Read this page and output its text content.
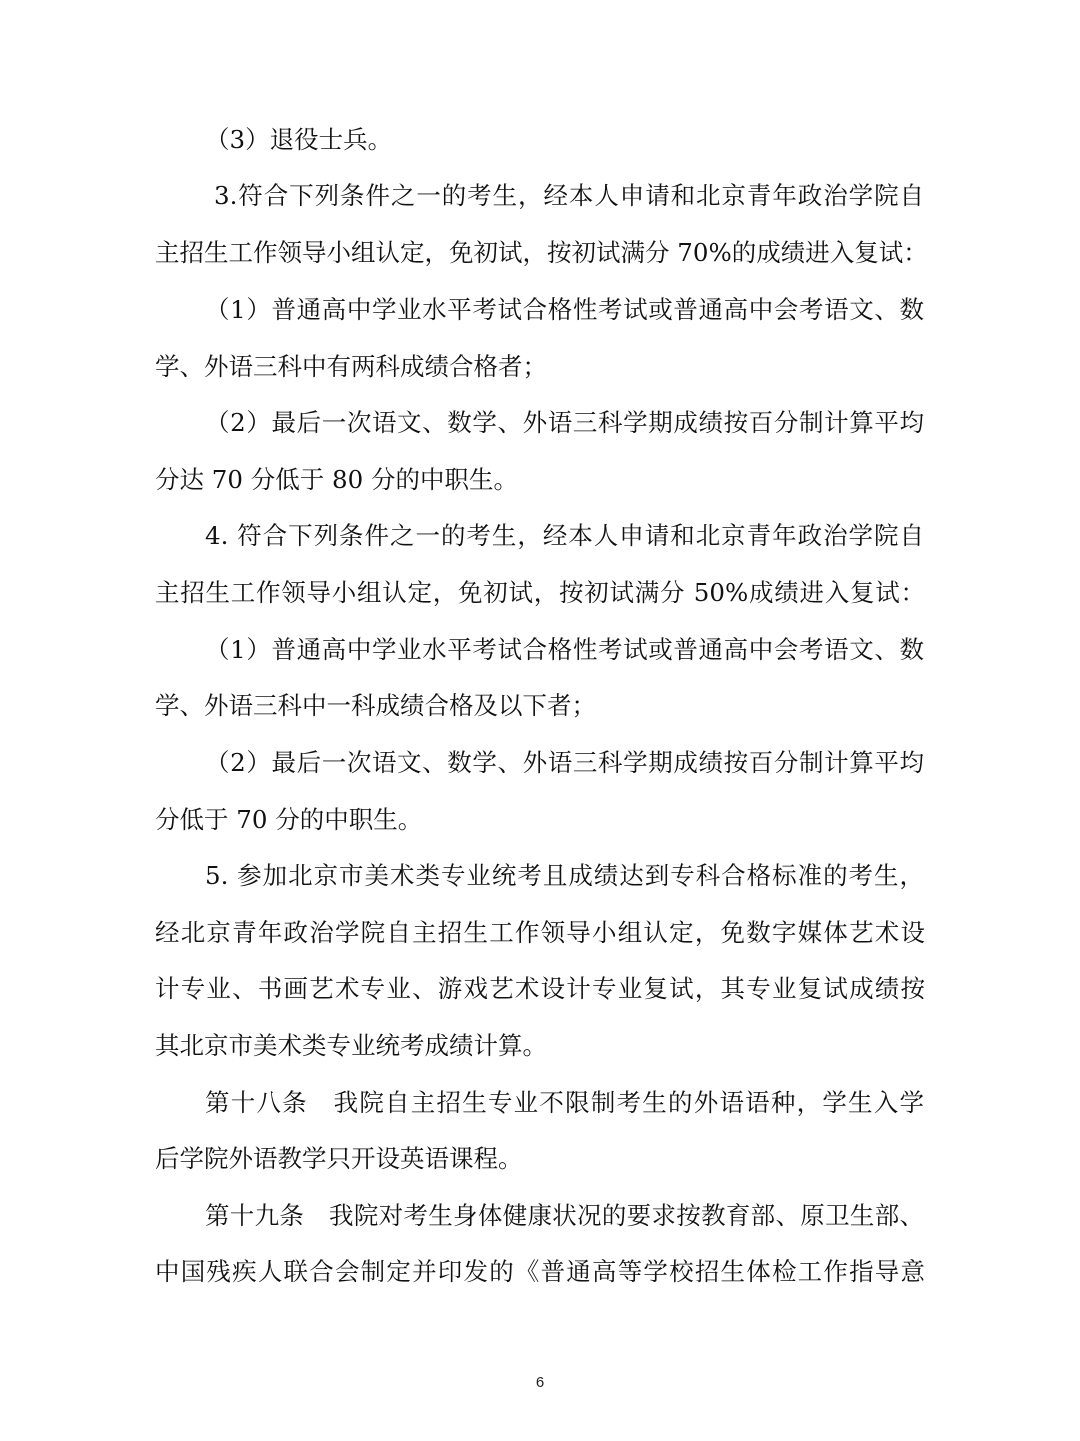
（3）退役士兵。
3.符合下列条件之一的考生，经本人申请和北京青年政治学院自
主招生工作领导小组认定，免初试，按初试满分 70%的成绩进入复试：
（1）普通高中学业水平考试合格性考试或普通高中会考语文、数
学、外语三科中有两科成绩合格者；
（2）最后一次语文、数学、外语三科学期成绩按百分制计算平均
分达 70 分低于 80 分的中职生。
4. 符合下列条件之一的考生，经本人申请和北京青年政治学院自
主招生工作领导小组认定，免初试，按初试满分 50%成绩进入复试：
（1）普通高中学业水平考试合格性考试或普通高中会考语文、数
学、外语三科中一科成绩合格及以下者；
（2）最后一次语文、数学、外语三科学期成绩按百分制计算平均
分低于 70 分的中职生。
5. 参加北京市美术类专业统考且成绩达到专科合格标准的考生，
经北京青年政治学院自主招生工作领导小组认定，免数字媒体艺术设
计专业、书画艺术专业、游戏艺术设计专业复试，其专业复试成绩按
其北京市美术类专业统考成绩计算。
第十八条　我院自主招生专业不限制考生的外语语种，学生入学
后学院外语教学只开设英语课程。
第十九条　我院对考生身体健康状况的要求按教育部、原卫生部、
中国残疾人联合会制定并印发的《普通高等学校招生体检工作指导意
6
